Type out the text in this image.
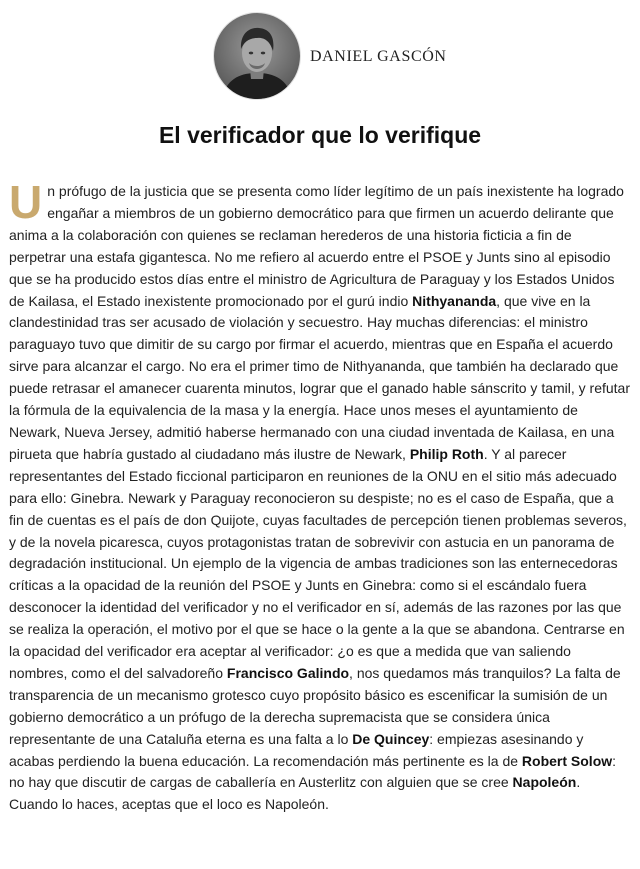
DANIEL GASCÓN
El verificador que lo verifique

Un prófugo de la justicia que se presenta como líder legítimo de un país inexistente ha logrado engañar a miembros de un gobierno democrático para que firmen un acuerdo delirante que anima a la colaboración con quienes se reclaman herederos de una historia ficticia a fin de perpetrar una estafa gigantesca. No me refiero al acuerdo entre el PSOE y Junts sino al episodio que se ha producido estos días entre el ministro de Agricultura de Paraguay y los Estados Unidos de Kailasa, el Estado inexistente promocionado por el gurú indio Nithyananda, que vive en la clandestinidad tras ser acusado de violación y secuestro. Hay muchas diferencias: el ministro paraguayo tuvo que dimitir de su cargo por firmar el acuerdo, mientras que en España el acuerdo sirve para alcanzar el cargo. No era el primer timo de Nithyananda, que también ha declarado que puede retrasar el amanecer cuarenta minutos, lograr que el ganado hable sánscrito y tamil, y refutar la fórmula de la equivalencia de la masa y la energía. Hace unos meses el ayuntamiento de Newark, Nueva Jersey, admitió haberse hermanado con una ciudad inventada de Kailasa, en una pirueta que habría gustado al ciudadano más ilustre de Newark, Philip Roth. Y al parecer representantes del Estado ficcional participaron en reuniones de la ONU en el sitio más adecuado para ello: Ginebra. Newark y Paraguay reconocieron su despiste; no es el caso de España, que a fin de cuentas es el país de don Quijote, cuyas facultades de percepción tienen problemas severos, y de la novela picaresca, cuyos protagonistas tratan de sobrevivir con astucia en un panorama de degradación institucional. Un ejemplo de la vigencia de ambas tradiciones son las enternecedoras críticas a la opacidad de la reunión del PSOE y Junts en Ginebra: como si el escándalo fuera desconocer la identidad del verificador y no el verificador en sí, además de las razones por las que se realiza la operación, el motivo por el que se hace o la gente a la que se abandona. Centrarse en la opacidad del verificador era aceptar al verificador: ¿o es que a medida que van saliendo nombres, como el del salvadoreño Francisco Galindo, nos quedamos más tranquilos? La falta de transparencia de un mecanismo grotesco cuyo propósito básico es escenificar la sumisión de un gobierno democrático a un prófugo de la derecha supremacista que se considera única representante de una Cataluña eterna es una falta a lo De Quincey: empiezas asesinando y acabas perdiendo la buena educación. La recomendación más pertinente es la de Robert Solow: no hay que discutir de cargas de caballería en Austerlitz con alguien que se cree Napoleón. Cuando lo haces, aceptas que el loco es Napoleón.
